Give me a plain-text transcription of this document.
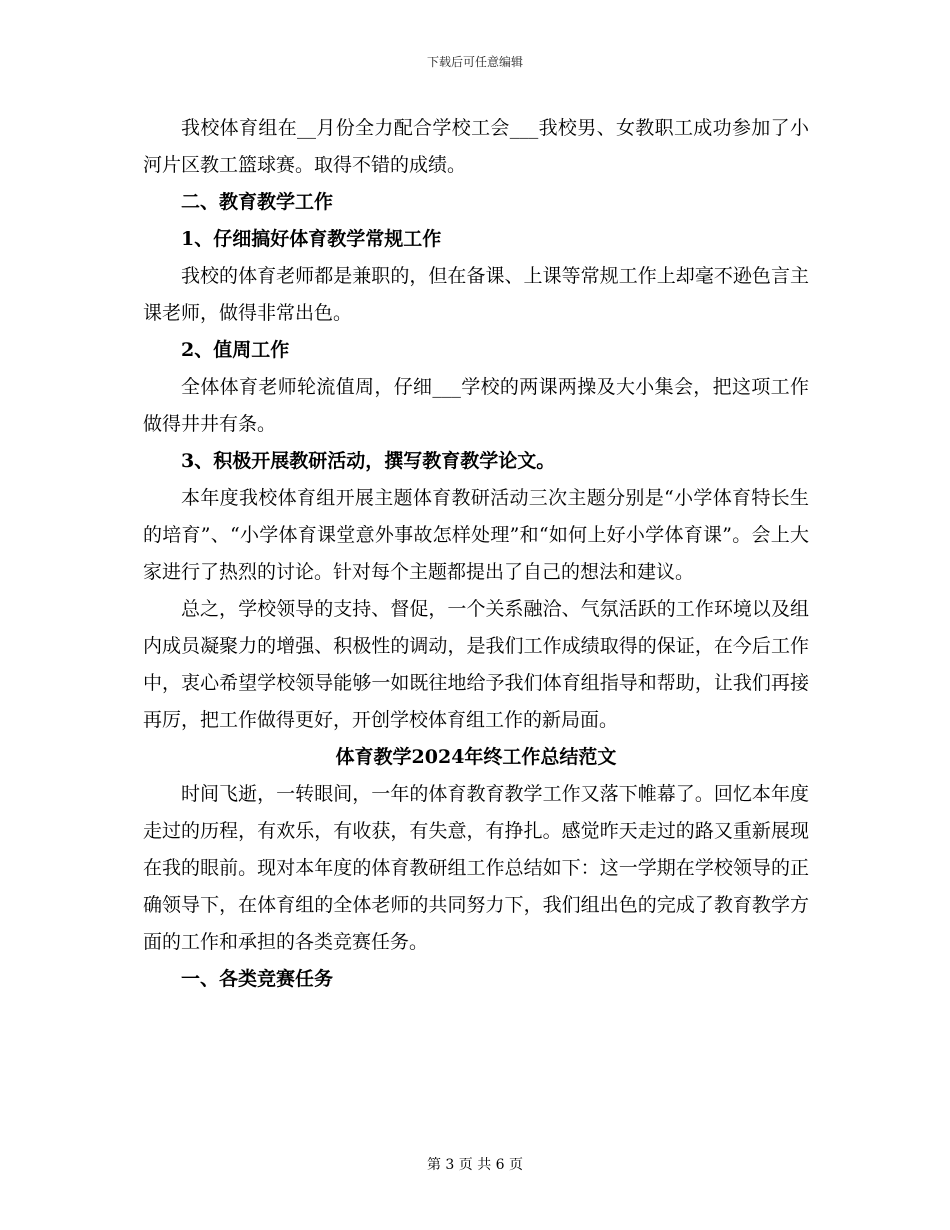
下载后可任意编辑

我校体育组在__月份全力配合学校工会___我校男、女教职工成功参加了小河片区教工篮球赛。取得不错的成绩。

二、教育教学工作

1、仔细搞好体育教学常规工作

我校的体育老师都是兼职的，但在备课、上课等常规工作上却毫不逊色言主课老师，做得非常出色。

2、值周工作

全体体育老师轮流值周，仔细___学校的两课两操及大小集会，把这项工作做得井井有条。

3、积极开展教研活动，撰写教育教学论文。

本年度我校体育组开展主题体育教研活动三次主题分别是“小学体育特长生的培育”、“小学体育课堂意外事故怎样处理”和“如何上好小学体育课”。会上大家进行了热烈的讨论。针对每个主题都提出了自己的想法和建议。

总之，学校领导的支持、督促，一个关系融洽、气氛活跃的工作环境以及组内成员凝聚力的增强、积极性的调动，是我们工作成绩取得的保证，在今后工作中，衷心希望学校领导能够一如既往地给予我们体育组指导和帮助，让我们再接再厉，把工作做得更好，开创学校体育组工作的新局面。

体育教学2024年终工作总结范文

时间飞逝，一转眼间，一年的体育教育教学工作又落下帷幕了。回忆本年度走过的历程，有欢乐，有收获，有失意，有挣扎。感觉昨天走过的路又重新展现在我的眼前。现对本年度的体育教研组工作总结如下：这一学期在学校领导的正确领导下，在体育组的全体老师的共同努力下，我们组出色的完成了教育教学方面的工作和承担的各类竞赛任务。

一、各类竞赛任务

第 3 页 共 6 页
